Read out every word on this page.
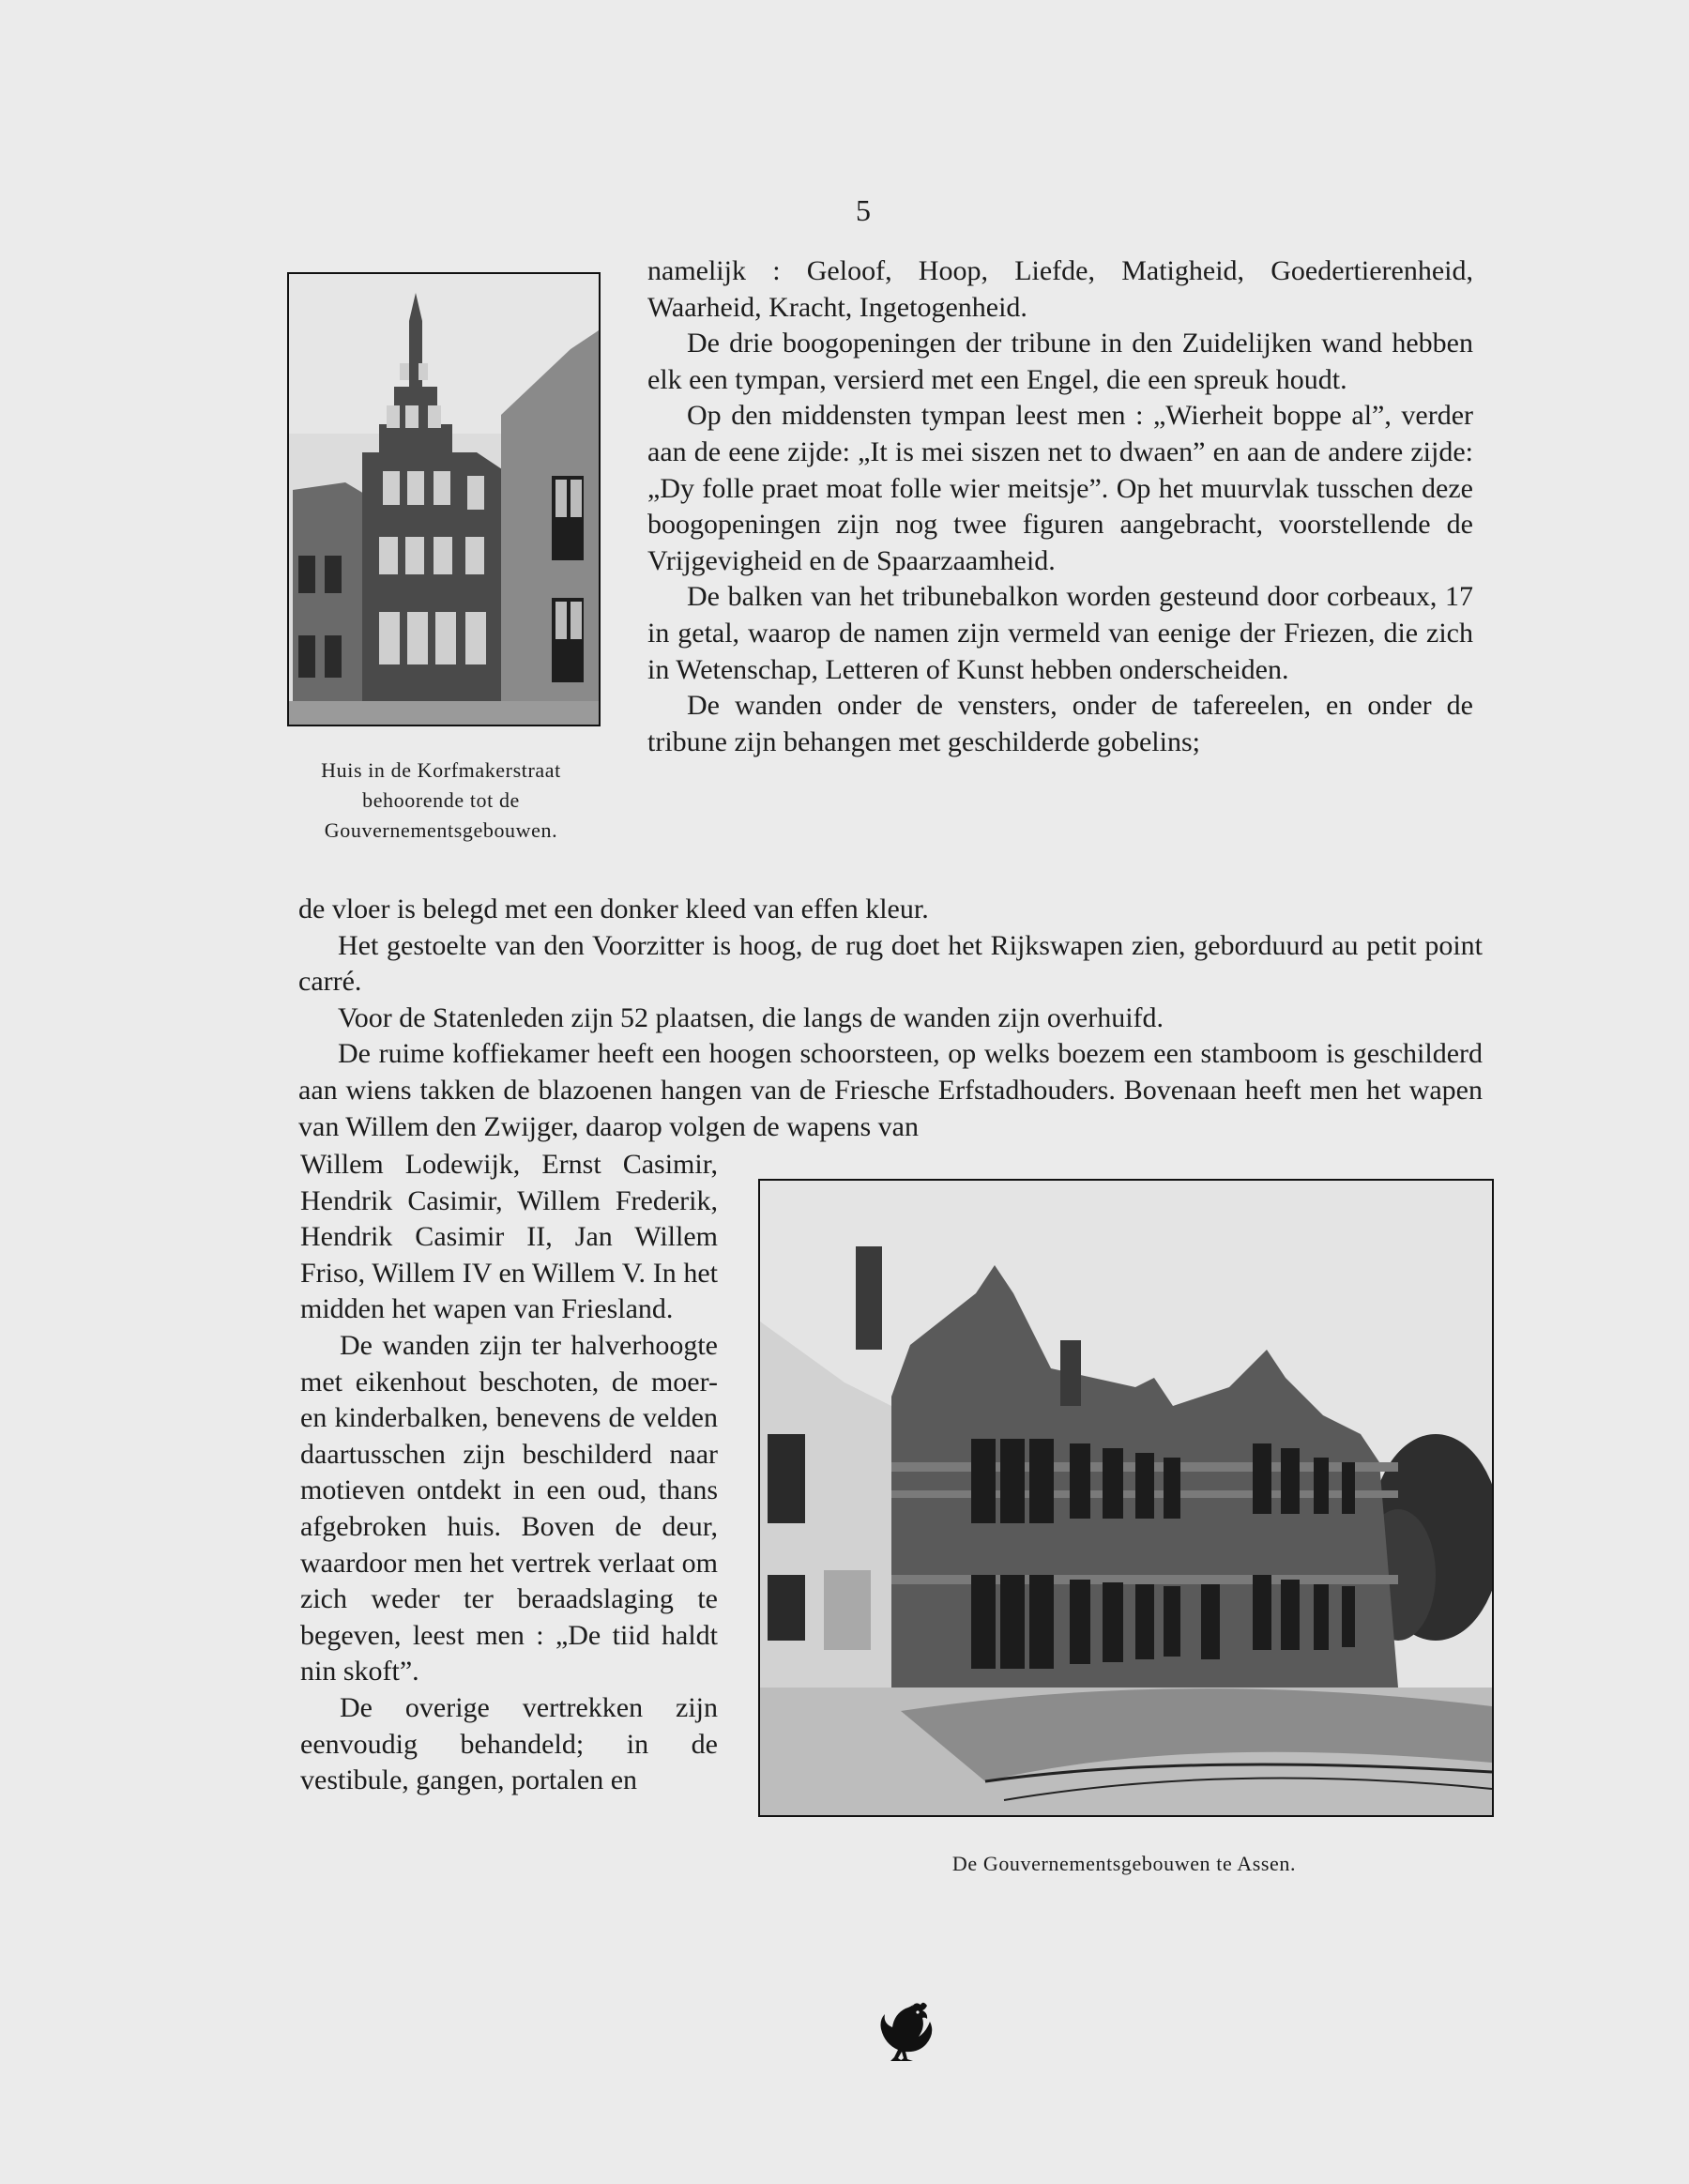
5
Huis in de Korfmakerstraat
behoorende tot de
Gouvernementsgebouwen.

namelijk : Geloof, Hoop, Liefde, Matigheid, Goedertierenheid, Waarheid, Kracht, Ingetogenheid.

De drie boogopeningen der tribune in den Zuidelijken wand hebben elk een tympan, versierd met een Engel, die een spreuk houdt.

Op den middensten tympan leest men : „Wierheit boppe al”, verder aan de eene zijde: „It is mei siszen net to dwaen” en aan de andere zijde: „Dy folle praet moat folle wier meitsje”. Op het muurvlak tusschen deze boogopeningen zijn nog twee figuren aangebracht, voorstellende de Vrijgevigheid en de Spaarzaamheid.

De balken van het tribunebalkon worden gesteund door corbeaux, 17 in getal, waarop de namen zijn vermeld van eenige der Friezen, die zich in Wetenschap, Letteren of Kunst hebben onderscheiden.

De wanden onder de vensters, onder de tafereelen, en onder de tribune zijn behangen met geschilderde gobelins;

de vloer is belegd met een donker kleed van effen kleur.

Het gestoelte van den Voorzitter is hoog, de rug doet het Rijkswapen zien, geborduurd au petit point carré.

Voor de Statenleden zijn 52 plaatsen, die langs de wanden zijn overhuifd.

De ruime koffiekamer heeft een hoogen schoorsteen, op welks boezem een stamboom is geschilderd aan wiens takken de blazoenen hangen van de Friesche Erfstadhouders. Bovenaan heeft men het wapen van Willem den Zwijger, daarop volgen de wapens van

Willem Lodewijk, Ernst Casimir, Hendrik Casimir, Willem Frederik, Hendrik Casimir II, Jan Willem Friso, Willem IV en Willem V. In het midden het wapen van Friesland.

De wanden zijn ter halverhoogte met eikenhout beschoten, de moer- en kinderbalken, benevens de velden daartusschen zijn beschilderd naar motieven ontdekt in een oud, thans afgebroken huis. Boven de deur, waardoor men het vertrek verlaat om zich weder ter beraadslaging te begeven, leest men : „De tiid haldt nin skoft”.

De overige vertrekken zijn eenvoudig behandeld; in de vestibule, gangen, portalen en

De Gouvernementsgebouwen te Assen.
